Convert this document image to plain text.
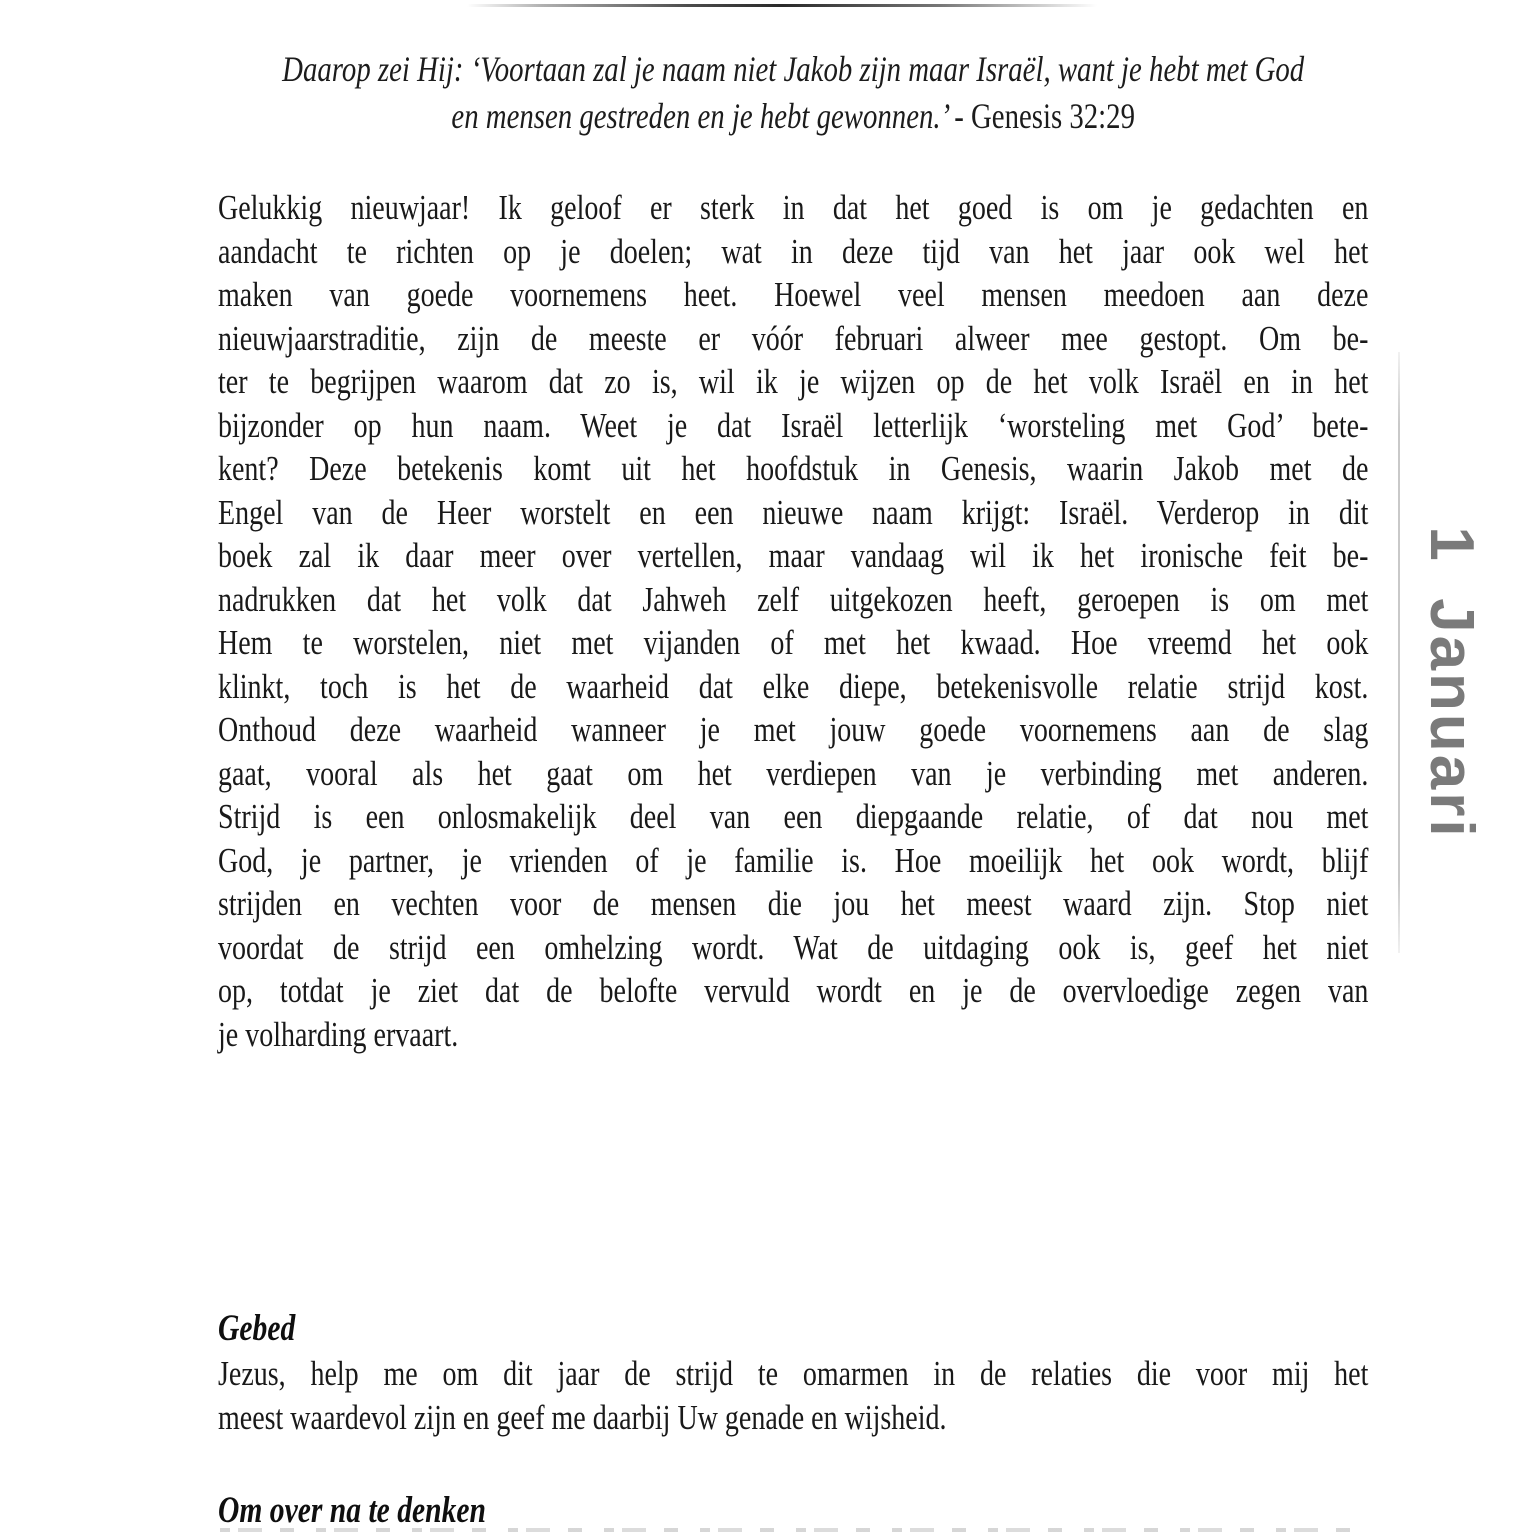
Daarop zei Hij: ‘Voortaan zal je naam niet Jakob zijn maar Israël, want je hebt met God
en mensen gestreden en je hebt gewonnen.’ - Genesis 32:29
Gelukkig nieuwjaar! Ik geloof er sterk in dat het goed is om je gedachten en
aandacht te richten op je doelen; wat in deze tijd van het jaar ook wel het
maken van goede voornemens heet. Hoewel veel mensen meedoen aan deze
nieuwjaarstraditie, zijn de meeste er vóór februari alweer mee gestopt. Om be-
ter te begrijpen waarom dat zo is, wil ik je wijzen op de het volk Israël en in het
bijzonder op hun naam. Weet je dat Israël letterlijk ‘worsteling met God’ bete-
kent? Deze betekenis komt uit het hoofdstuk in Genesis, waarin Jakob met de
Engel van de Heer worstelt en een nieuwe naam krijgt: Israël. Verderop in dit
boek zal ik daar meer over vertellen, maar vandaag wil ik het ironische feit be-
nadrukken dat het volk dat Jahweh zelf uitgekozen heeft, geroepen is om met
Hem te worstelen, niet met vijanden of met het kwaad. Hoe vreemd het ook
klinkt, toch is het de waarheid dat elke diepe, betekenisvolle relatie strijd kost.
Onthoud deze waarheid wanneer je met jouw goede voornemens aan de slag
gaat, vooral als het gaat om het verdiepen van je verbinding met anderen.
Strijd is een onlosmakelijk deel van een diepgaande relatie, of dat nou met
God, je partner, je vrienden of je familie is. Hoe moeilijk het ook wordt, blijf
strijden en vechten voor de mensen die jou het meest waard zijn. Stop niet
voordat de strijd een omhelzing wordt. Wat de uitdaging ook is, geef het niet
op, totdat je ziet dat de belofte vervuld wordt en je de overvloedige zegen van
je volharding ervaart.
Gebed
Jezus, help me om dit jaar de strijd te omarmen in de relaties die voor mij het
meest waardevol zijn en geef me daarbij Uw genade en wijsheid.
Om over na te denken
1 Januari
